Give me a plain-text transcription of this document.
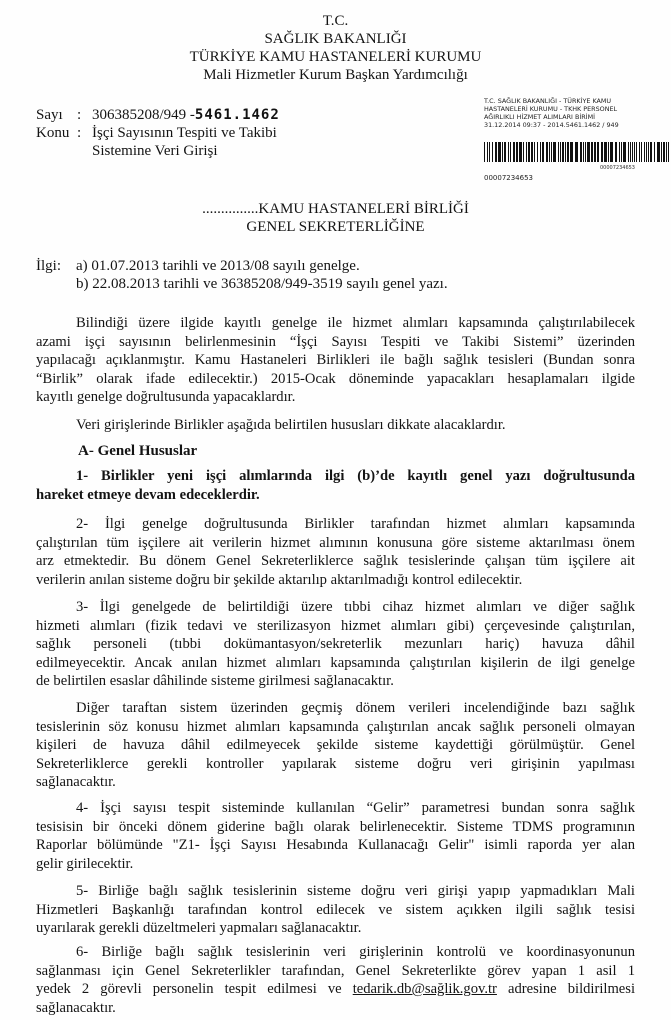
T.C.
SAĞLIK BAKANLIĞI
TÜRKİYE KAMU HASTANELERİ KURUMU
Mali Hizmetler Kurum Başkan Yardımcılığı
Sayı : 306385208/949 -5461.1462
Konu : İşçi Sayısının Tespiti ve Takibi
Sistemine Veri Girişi
T.C. SAĞLIK BAKANLIĞI - TÜRKİYE KAMU
HASTANELERİ KURUMU - TKHK PERSONEL
AĞIRLIKLI HİZMET ALIMLARI BİRİMİ
31.12.2014 09:37 - 2014.5461.1462 / 949
00007234653
00007234653
...............KAMU HASTANELERİ BİRLİĞİ
GENEL SEKRETERLİĞİNE
İlgi: a) 01.07.2013 tarihli ve 2013/08 sayılı genelge.
b) 22.08.2013 tarihli ve 36385208/949-3519 sayılı genel yazı.
Bilindiği üzere ilgide kayıtlı genelge ile hizmet alımları kapsamında çalıştırılabilecek
azami işçi sayısının belirlenmesinin “İşçi Sayısı Tespiti ve Takibi Sistemi” üzerinden
yapılacağı açıklanmıştır. Kamu Hastaneleri Birlikleri ile bağlı sağlık tesisleri (Bundan sonra
“Birlik” olarak ifade edilecektir.) 2015-Ocak döneminde yapacakları hesaplamaları ilgide
kayıtlı genelge doğrultusunda yapacaklardır.
Veri girişlerinde Birlikler aşağıda belirtilen hususları dikkate alacaklardır.
A- Genel Hususlar
1- Birlikler yeni işçi alımlarında ilgi (b)’de kayıtlı genel yazı doğrultusunda
hareket etmeye devam edeceklerdir.
2- İlgi genelge doğrultusunda Birlikler tarafından hizmet alımları kapsamında
çalıştırılan tüm işçilere ait verilerin hizmet alımının konusuna göre sisteme aktarılması önem
arz etmektedir. Bu dönem Genel Sekreterliklerce sağlık tesislerinde çalışan tüm işçilere ait
verilerin anılan sisteme doğru bir şekilde aktarılıp aktarılmadığı kontrol edilecektir.
3- İlgi genelgede de belirtildiği üzere tıbbi cihaz hizmet alımları ve diğer sağlık
hizmeti alımları (fizik tedavi ve sterilizasyon hizmet alımları gibi) çerçevesinde çalıştırılan,
sağlık personeli (tıbbi dokümantasyon/sekreterlik mezunları hariç) havuza dâhil
edilmeyecektir. Ancak anılan hizmet alımları kapsamında çalıştırılan kişilerin de ilgi genelge
de belirtilen esaslar dâhilinde sisteme girilmesi sağlanacaktır.
Diğer taraftan sistem üzerinden geçmiş dönem verileri incelendiğinde bazı sağlık
tesislerinin söz konusu hizmet alımları kapsamında çalıştırılan ancak sağlık personeli olmayan
kişileri de havuza dâhil edilmeyecek şekilde sisteme kaydettiği görülmüştür. Genel
Sekreterliklerce gerekli kontroller yapılarak sisteme doğru veri girişinin yapılması
sağlanacaktır.
4- İşçi sayısı tespit sisteminde kullanılan “Gelir” parametresi bundan sonra sağlık
tesisisin bir önceki dönem giderine bağlı olarak belirlenecektir. Sisteme TDMS programının
Raporlar bölümünde "Z1- İşçi Sayısı Hesabında Kullanacağı Gelir" isimli raporda yer alan
gelir girilecektir.
5- Birliğe bağlı sağlık tesislerinin sisteme doğru veri girişi yapıp yapmadıkları Mali
Hizmetleri Başkanlığı tarafından kontrol edilecek ve sistem açıkken ilgili sağlık tesisi
uyarılarak gerekli düzeltmeleri yapmaları sağlanacaktır.
6- Birliğe bağlı sağlık tesislerinin veri girişlerinin kontrolü ve koordinasyonunun
sağlanması için Genel Sekreterlikler tarafından, Genel Sekreterlikte görev yapan 1 asil 1
yedek 2 görevli personelin tespit edilmesi ve tedarik.db@sağlik.gov.tr adresine bildirilmesi
sağlanacaktır.
